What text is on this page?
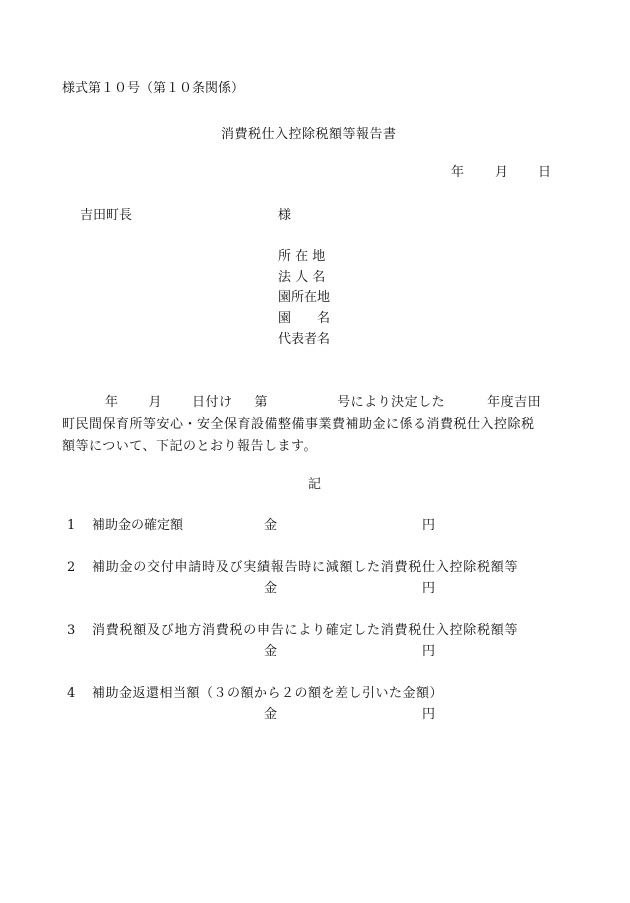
様式第１０号（第１０条関係）
消費税仕入控除税額等報告書
年 月 日
吉田町長	様
所 在 地
法 人 名
園所在地
園　　名
代表者名
年 月 日付け 第	号により決定した	年度吉田
町民間保育所等安心・安全保育設備整備事業費補助金に係る消費税仕入控除税
額等について、下記のとおり報告します。
記
1 補助金の確定額	金	円
2 補助金の交付申請時及び実績報告時に減額した消費税仕入控除税額等
金	円
3 消費税額及び地方消費税の申告により確定した消費税仕入控除税額等
金	円
4 補助金返還相当額（３の額から２の額を差し引いた金額）
金	円
